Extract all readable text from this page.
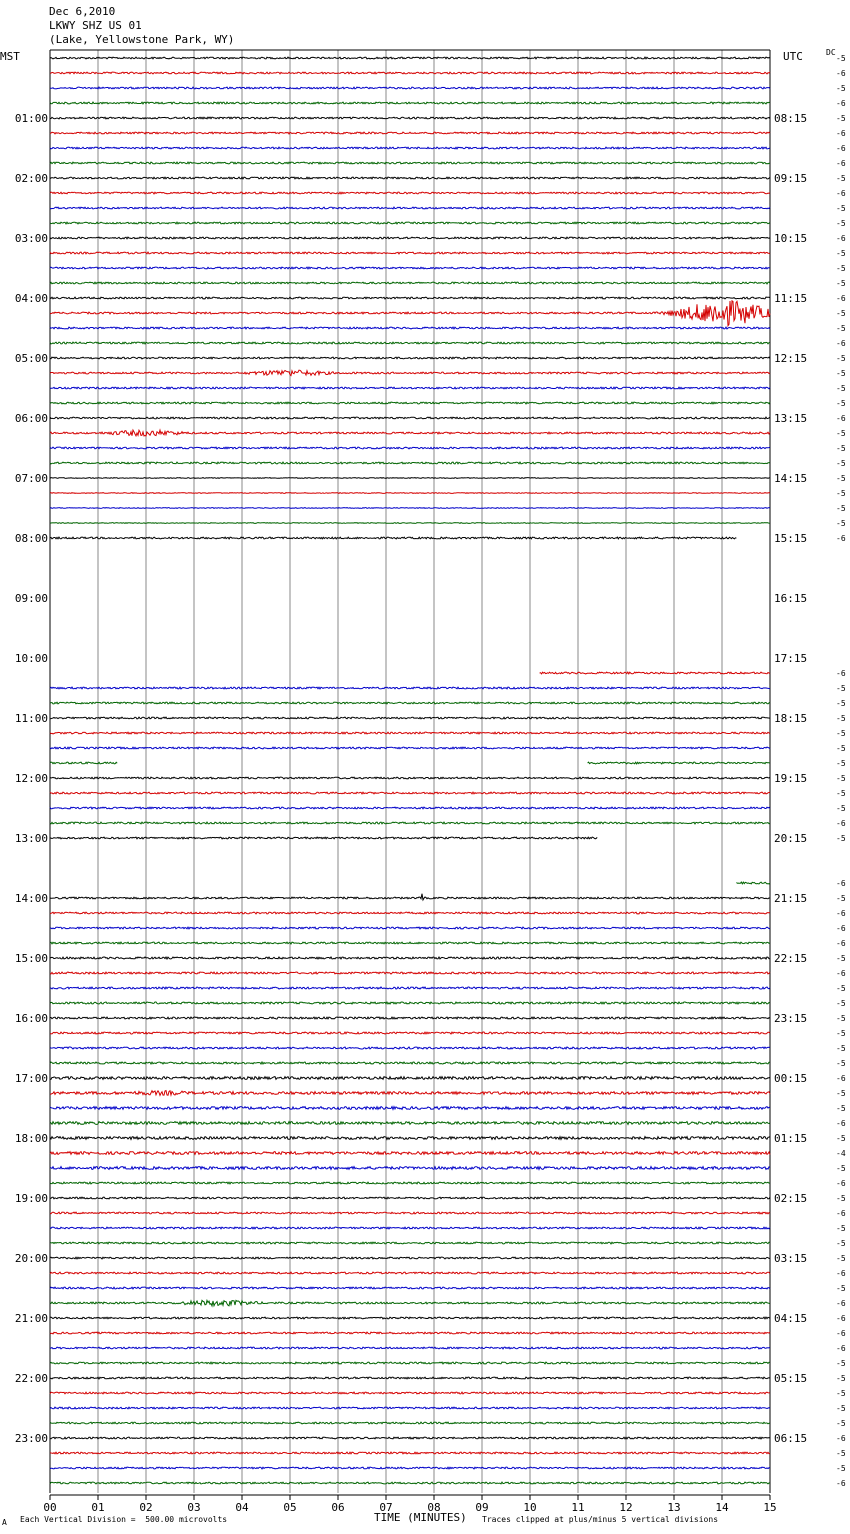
Dec 6,2010
LKWY SHZ US 01
(Lake, Yellowstone Park, WY)
MST	UTC	DC
00	01	02	03	04	05	06	07	08	09	10	11	12	13	14	15
-5
-6
-5
-6
-5
-6
-6
-6
-5
-6
-5
-5
-6
-5
-5
-5
-6
-5
-5
-6
-5
-5
-5
-5
-6
-5
-5
-5
-5
-5
-5
-5
-6
-6
-5
-5
-5
-5
-5
-5
-5
-5
-5
-6
-5
-6
-5
-6
-6
-6
-5
-6
-5
-5
-5
-5
-5
-5
-6
-5
-5
-6
-5
-4
-5
-6
-5
-6
-5
-5
-5
-6
-5
-6
-6
-6
-6
-5
-5
-5
-5
-5
-6
-5
-5
-6
01:00
02:00
03:00
04:00
05:00
06:00
07:00
08:00
09:00
10:00
11:00
12:00
13:00
14:00
15:00
16:00
17:00
18:00
19:00
20:00
21:00
22:00
23:00
08:15
09:15
10:15
11:15
12:15
13:15
14:15
15:15
16:15
17:15
18:15
19:15
20:15
21:15
22:15
23:15
00:15
01:15
02:15
03:15
04:15
05:15
06:15
TIME (MINUTES)
Each Vertical Division =  500.00 microvolts	Traces clipped at plus/minus 5 vertical divisions
A
